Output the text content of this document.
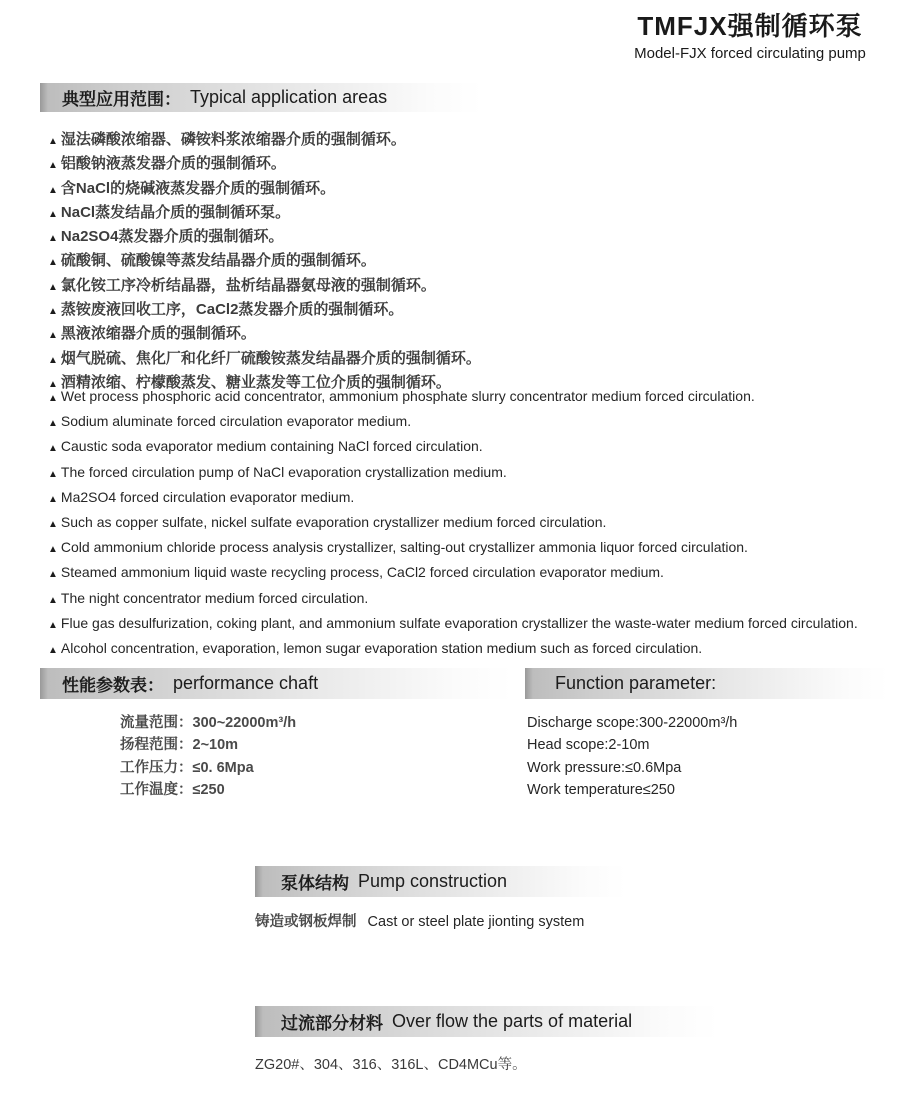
TMFJX强制循环泵
Model-FJX forced circulating pump
典型应用范围： Typical application areas
▲ 湿法磷酸浓缩器、磷铵料浆浓缩器介质的强制循环。
▲ 铝酸钠液蒸发器介质的强制循环。
▲ 含NaCl的烧碱液蒸发器介质的强制循环。
▲ NaCl蒸发结晶介质的强制循环泵。
▲ Na2SO4蒸发器介质的强制循环。
▲ 硫酸铜、硫酸镍等蒸发结晶器介质的强制循环。
▲ 氯化铵工序冷析结晶器，盐析结晶器氨母液的强制循环。
▲ 蒸铵废液回收工序，CaCl2蒸发器介质的强制循环。
▲ 黑液浓缩器介质的强制循环。
▲ 烟气脱硫、焦化厂和化纤厂硫酸铵蒸发结晶器介质的强制循环。
▲ 酒精浓缩、柠檬酸蒸发、糖业蒸发等工位介质的强制循环。
▲ Wet process phosphoric acid concentrator, ammonium phosphate slurry concentrator medium forced circulation.
▲ Sodium aluminate forced circulation evaporator medium.
▲ Caustic soda evaporator medium containing NaCl forced circulation.
▲ The forced circulation pump of NaCl evaporation crystallization medium.
▲ Ma2SO4 forced circulation evaporator medium.
▲ Such as copper sulfate, nickel sulfate evaporation crystallizer medium forced circulation.
▲ Cold ammonium chloride process analysis crystallizer, salting-out crystallizer ammonia liquor forced circulation.
▲ Steamed ammonium liquid waste recycling process, CaCl2 forced circulation evaporator medium.
▲ The night concentrator medium forced circulation.
▲ Flue gas desulfurization, coking plant, and ammonium sulfate evaporation crystallizer the waste-water medium forced circulation.
▲ Alcohol concentration, evaporation, lemon sugar evaporation station medium such as forced circulation.
性能参数表： performance chaft	Function parameter:
流量范围：300~22000m³/h
扬程范围：2~10m
工作压力：≤0. 6Mpa
工作温度：≤250
Discharge scope:300-22000m³/h
Head scope:2-10m
Work pressure:≤0.6Mpa
Work temperature≤250
泵体结构 Pump construction
铸造或钢板焊制 Cast or steel plate jionting system
过流部分材料 Over flow the parts of material
ZG20#、304、316、316L、CD4MCu等。
